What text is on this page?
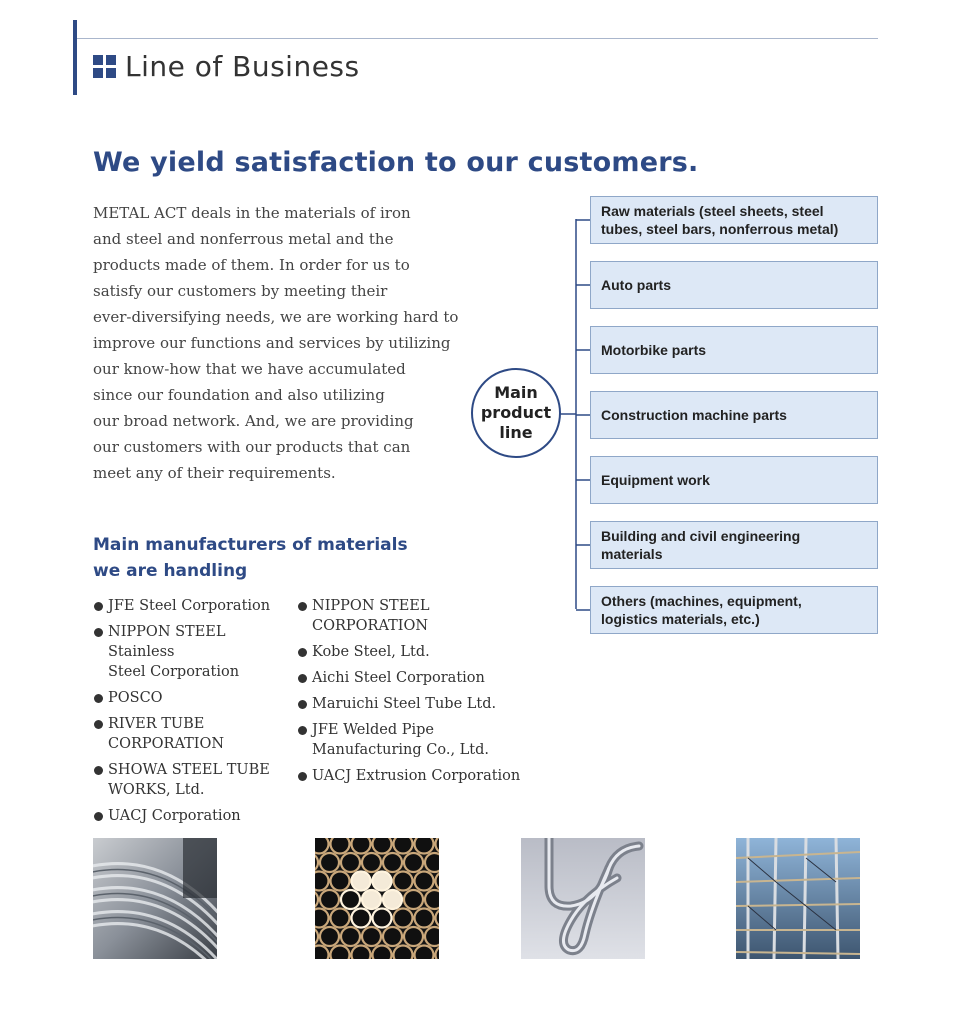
Line of Business
We yield satisfaction to our customers.
METAL ACT deals in the materials of iron
and steel and nonferrous metal and the
products made of them. In order for us to
satisfy our customers by meeting their
ever-diversifying needs, we are working hard to
improve our functions and services by utilizing
our know-how that we have accumulated
since our foundation and also utilizing
our broad network. And, we are providing
our customers with our products that can
meet any of their requirements.
Main manufacturers of materials
we are handling
JFE Steel Corporation
NIPPON STEEL Stainless
Steel Corporation
POSCO
RIVER TUBE
CORPORATION
SHOWA STEEL TUBE
WORKS, Ltd.
UACJ Corporation
NIPPON STEEL
CORPORATION
Kobe Steel, Ltd.
Aichi Steel Corporation
Maruichi Steel Tube Ltd.
JFE Welded Pipe
Manufacturing Co., Ltd.
UACJ Extrusion Corporation
Main
product
line
Raw materials (steel sheets, steel
tubes, steel bars, nonferrous metal)
Auto parts
Motorbike parts
Construction machine parts
Equipment work
Building and civil engineering
materials
Others (machines, equipment,
logistics materials, etc.)
